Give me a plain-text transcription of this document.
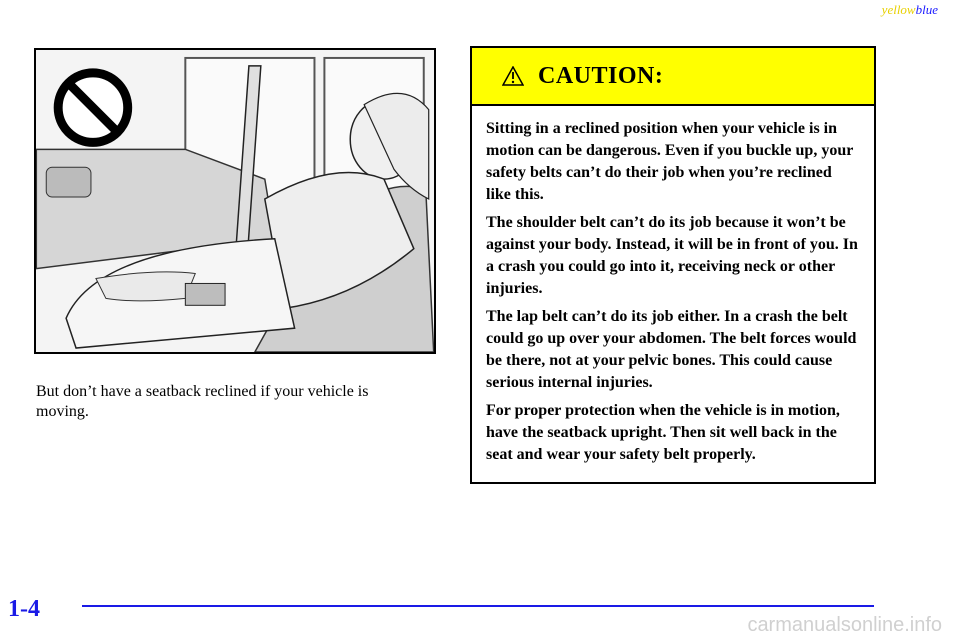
yellowblue
But don’t have a seatback reclined if your vehicle is moving.
CAUTION:

Sitting in a reclined position when your vehicle is in motion can be dangerous. Even if you buckle up, your safety belts can’t do their job when you’re reclined like this.

The shoulder belt can’t do its job because it won’t be against your body. Instead, it will be in front of you. In a crash you could go into it, receiving neck or other injuries.

The lap belt can’t do its job either. In a crash the belt could go up over your abdomen. The belt forces would be there, not at your pelvic bones. This could cause serious internal injuries.

For proper protection when the vehicle is in motion, have the seatback upright. Then sit well back in the seat and wear your safety belt properly.

1-4
carmanualsonline.info
